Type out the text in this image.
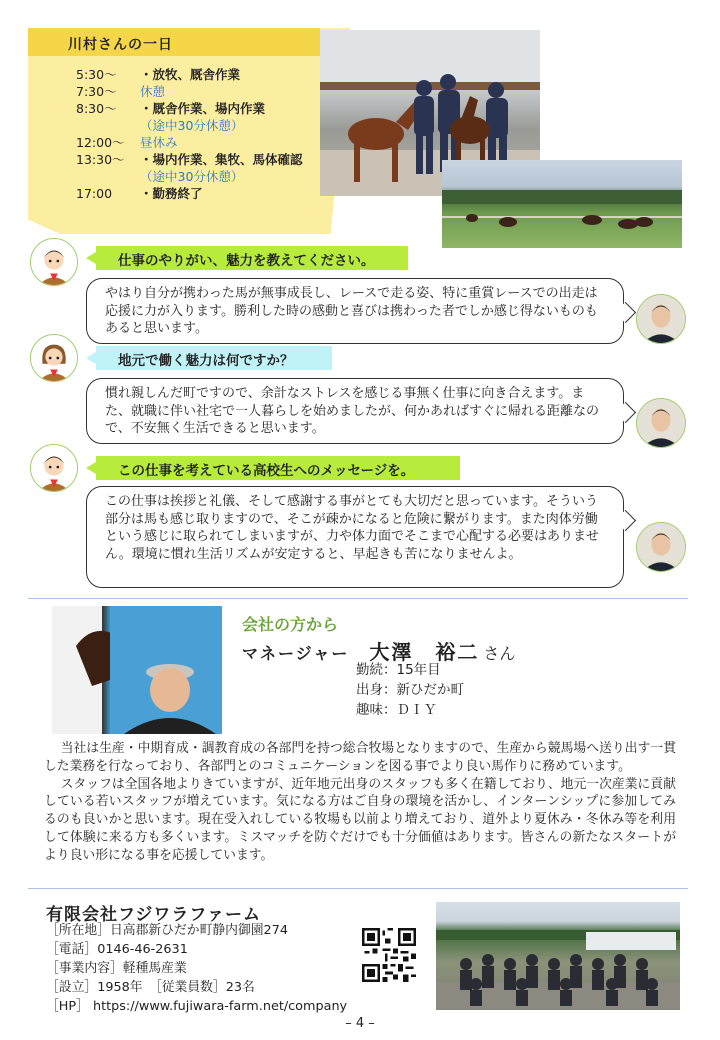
川村さんの一日
5:30〜	・放牧、厩舎作業
7:30〜	休憩
8:30〜	・厩舎作業、場内作業
（途中30分休憩）
12:00〜	昼休み
13:30〜	・場内作業、集牧、馬体確認
（途中30分休憩）
17:00	・勤務終了
仕事のやりがい、魅力を教えてください。
やはり自分が携わった馬が無事成長し、レースで走る姿、特に重賞レースでの出走は応援に力が入ります。勝利した時の感動と喜びは携わった者でしか感じ得ないものもあると思います。
地元で働く魅力は何ですか？
慣れ親しんだ町ですので、余計なストレスを感じる事無く仕事に向き合えます。また、就職に伴い社宅で一人暮らしを始めましたが、何かあればすぐに帰れる距離なので、不安無く生活できると思います。
この仕事を考えている高校生へのメッセージを。
この仕事は挨拶と礼儀、そして感謝する事がとても大切だと思っています。そういう部分は馬も感じ取りますので、そこが疎かになると危険に繋がります。また肉体労働という感じに取られてしまいますが、力や体力面でそこまで心配する必要はありません。環境に慣れ生活リズムが安定すると、早起きも苦になりませんよ。
会社の方から
マネージャー 大澤　裕二 さん
勤続：15年目
出身：新ひだか町
趣味：ＤＩＹ

当社は生産・中期育成・調教育成の各部門を持つ総合牧場となりますので、生産から競馬場へ送り出す一貫した業務を行なっており、各部門とのコミュニケーションを図る事でより良い馬作りに務めています。

スタッフは全国各地よりきていますが、近年地元出身のスタッフも多く在籍しており、地元一次産業に貢献している若いスタッフが増えています。気になる方はご自身の環境を活かし、インターンシップに参加してみるのも良いかと思います。現在受入れしている牧場も以前より増えており、道外より夏休み・冬休み等を利用して体験に来る方も多くいます。ミスマッチを防ぐだけでも十分価値はあります。皆さんの新たなスタートがより良い形になる事を応援しています。

有限会社フジワラファーム
［所在地］日高郡新ひだか町静内御園274
［電話］0146-46-2631
［事業内容］軽種馬産業
［設立］1958年　［従業員数］23名
［HP］ https://www.fujiwara-farm.net/company
– 4 –
